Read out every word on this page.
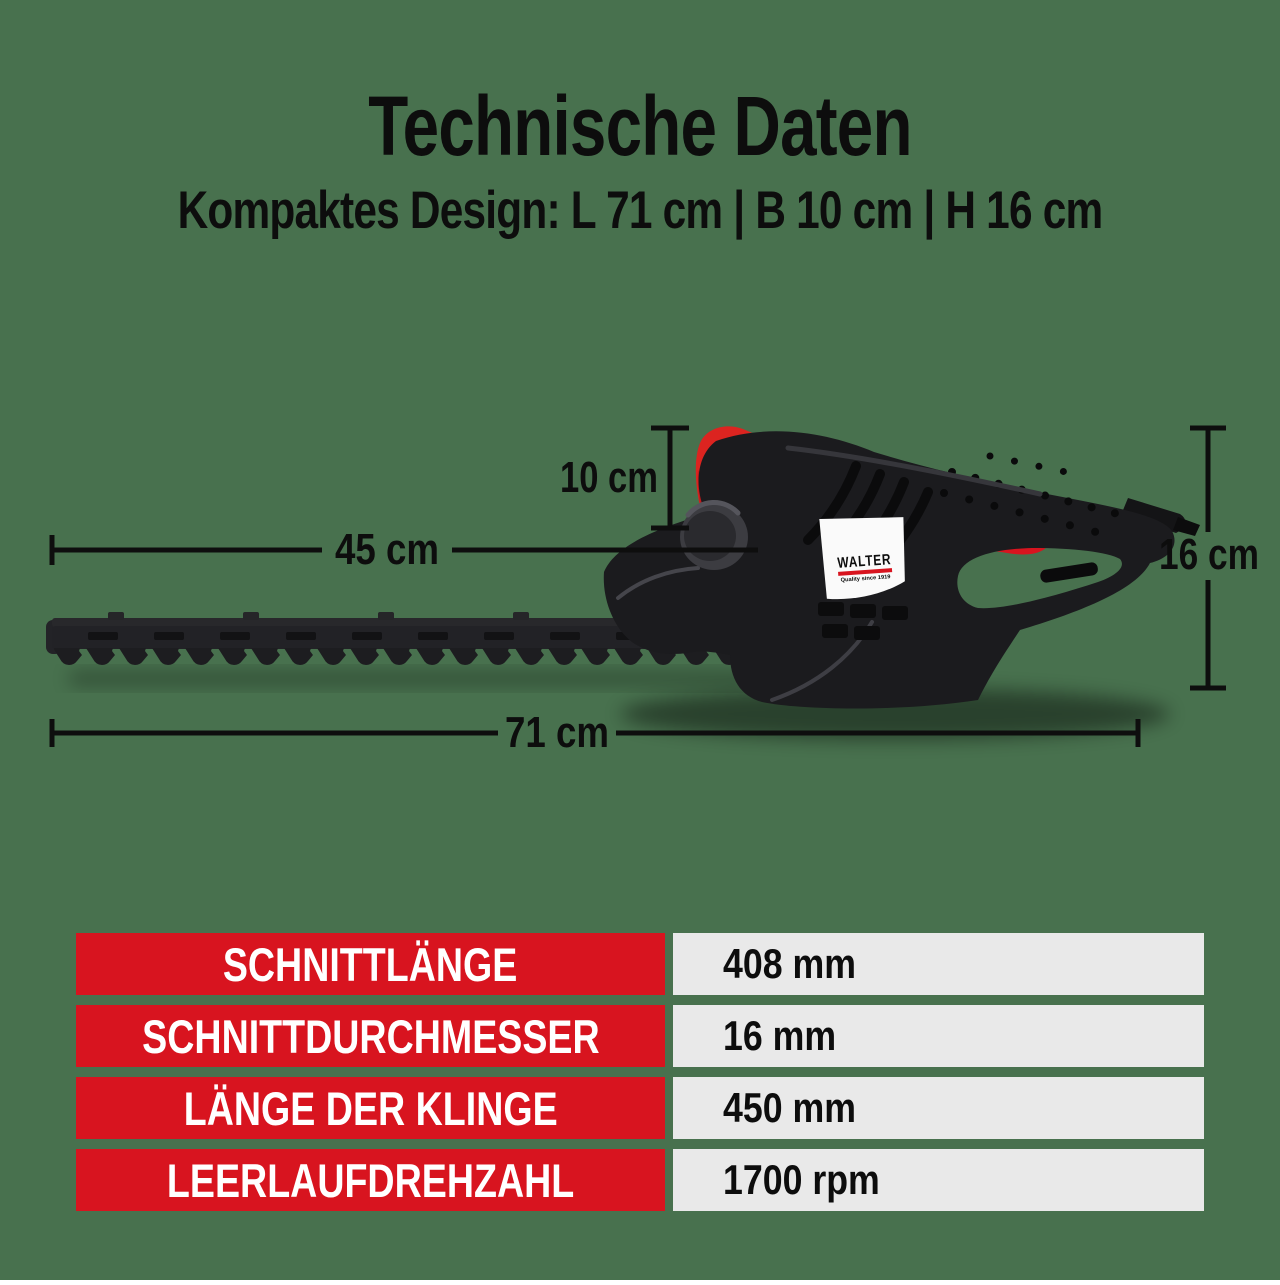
Technische Daten

Kompaktes Design: L 71 cm | B 10 cm | H 16 cm

WALTER
Quality since 1919
10 cm
45 cm	16 cm
71 cm
SCHNITTLÄNGE	408 mm
SCHNITTDURCHMESSER	16 mm
LÄNGE DER KLINGE	450 mm
LEERLAUFDREHZAHL	1700 rpm
